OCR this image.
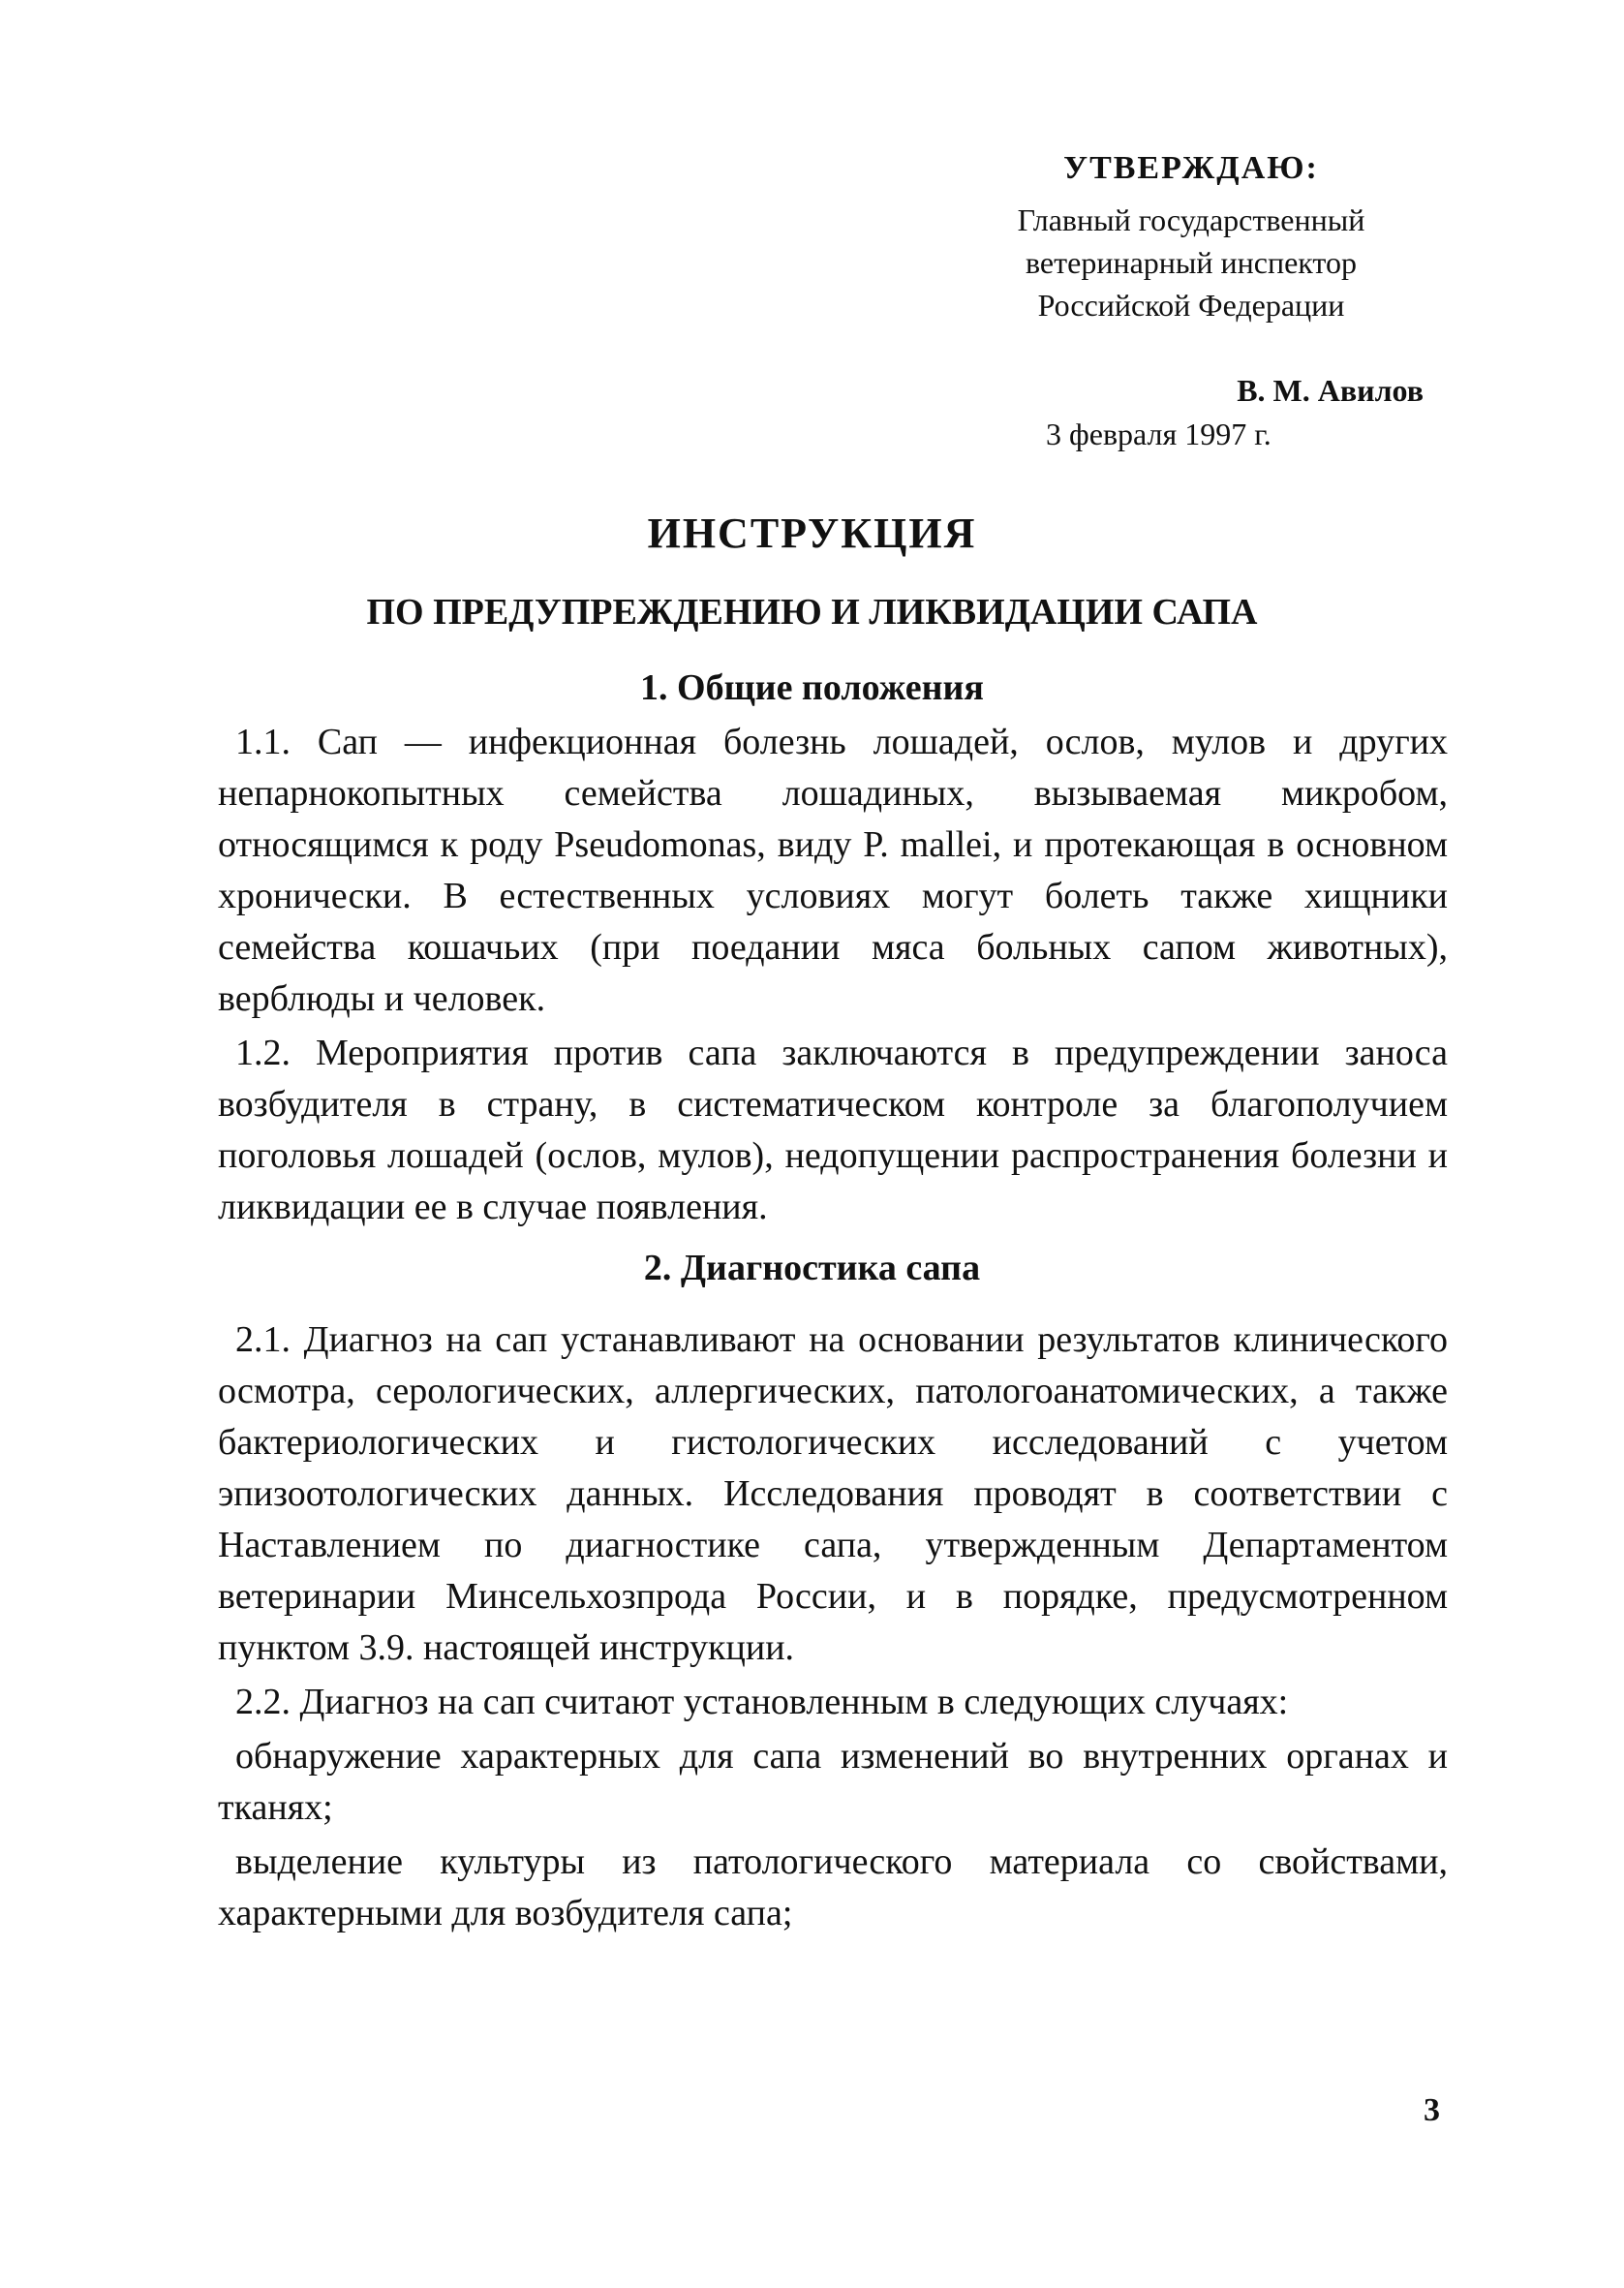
УТВЕРЖДАЮ:
Главный государственный
ветеринарный инспектор
Российской Федерации
В. М. Авилов
3 февраля 1997 г.
ИНСТРУКЦИЯ
ПО ПРЕДУПРЕЖДЕНИЮ И ЛИКВИДАЦИИ САПА
1. Общие положения

1.1. Сап — инфекционная болезнь лошадей, ослов, мулов и других непарнокопытных семейства лошадиных, вызываемая микробом, относящимся к роду Pseudomonas, виду P. mallei, и протекающая в основном хронически. В естественных условиях могут болеть также хищники семейства кошачьих (при поедании мяса больных сапом животных), верблюды и человек.

1.2. Мероприятия против сапа заключаются в предупреждении заноса возбудителя в страну, в систематическом контроле за благополучием поголовья лошадей (ослов, мулов), недопущении распространения болезни и ликвидации ее в случае появления.

2. Диагностика сапа

2.1. Диагноз на сап устанавливают на основании результатов клинического осмотра, серологических, аллергических, патологоанатомических, а также бактериологических и гистологических исследований с учетом эпизоотологических данных. Исследования проводят в соответствии с Наставлением по диагностике сапа, утвержденным Департаментом ветеринарии Минсельхозпрода России, и в порядке, предусмотренном пунктом 3.9. настоящей инструкции.

2.2. Диагноз на сап считают установленным в следующих случаях:

обнаружение характерных для сапа изменений во внутренних органах и тканях;

выделение культуры из патологического материала со свойствами, характерными для возбудителя сапа;

3
